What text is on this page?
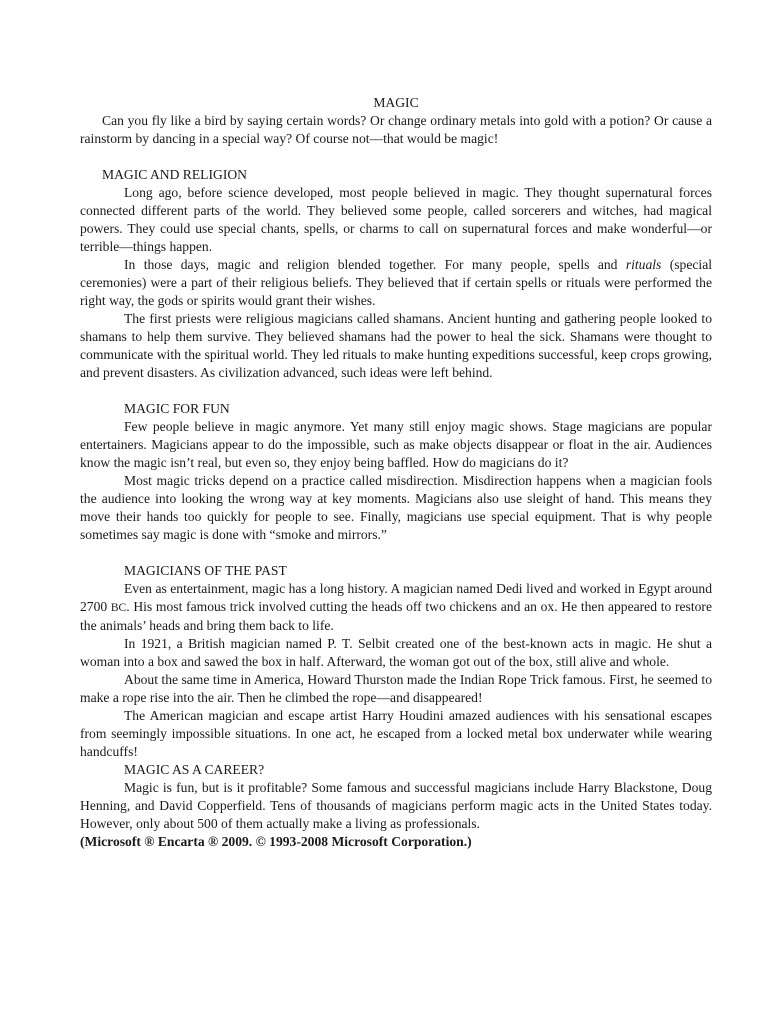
MAGIC

Can you fly like a bird by saying certain words? Or change ordinary metals into gold with a potion? Or cause a rainstorm by dancing in a special way? Of course not—that would be magic!

MAGIC AND RELIGION

Long ago, before science developed, most people believed in magic. They thought supernatural forces connected different parts of the world. They believed some people, called sorcerers and witches, had magical powers. They could use special chants, spells, or charms to call on supernatural forces and make wonderful—or terrible—things happen.

In those days, magic and religion blended together. For many people, spells and rituals (special ceremonies) were a part of their religious beliefs. They believed that if certain spells or rituals were performed the right way, the gods or spirits would grant their wishes.

The first priests were religious magicians called shamans. Ancient hunting and gathering people looked to shamans to help them survive. They believed shamans had the power to heal the sick. Shamans were thought to communicate with the spiritual world. They led rituals to make hunting expeditions successful, keep crops growing, and prevent disasters. As civilization advanced, such ideas were left behind.

MAGIC FOR FUN

Few people believe in magic anymore. Yet many still enjoy magic shows. Stage magicians are popular entertainers. Magicians appear to do the impossible, such as make objects disappear or float in the air. Audiences know the magic isn’t real, but even so, they enjoy being baffled. How do magicians do it?

Most magic tricks depend on a practice called misdirection. Misdirection happens when a magician fools the audience into looking the wrong way at key moments. Magicians also use sleight of hand. This means they move their hands too quickly for people to see. Finally, magicians use special equipment. That is why people sometimes say magic is done with “smoke and mirrors.”

MAGICIANS OF THE PAST

Even as entertainment, magic has a long history. A magician named Dedi lived and worked in Egypt around 2700 BC. His most famous trick involved cutting the heads off two chickens and an ox. He then appeared to restore the animals’ heads and bring them back to life.

In 1921, a British magician named P. T. Selbit created one of the best-known acts in magic. He shut a woman into a box and sawed the box in half. Afterward, the woman got out of the box, still alive and whole.

About the same time in America, Howard Thurston made the Indian Rope Trick famous. First, he seemed to make a rope rise into the air. Then he climbed the rope—and disappeared!

The American magician and escape artist Harry Houdini amazed audiences with his sensational escapes from seemingly impossible situations. In one act, he escaped from a locked metal box underwater while wearing handcuffs!

MAGIC AS A CAREER?

Magic is fun, but is it profitable? Some famous and successful magicians include Harry Blackstone, Doug Henning, and David Copperfield. Tens of thousands of magicians perform magic acts in the United States today. However, only about 500 of them actually make a living as professionals.

(Microsoft ® Encarta ® 2009. © 1993-2008 Microsoft Corporation.)
